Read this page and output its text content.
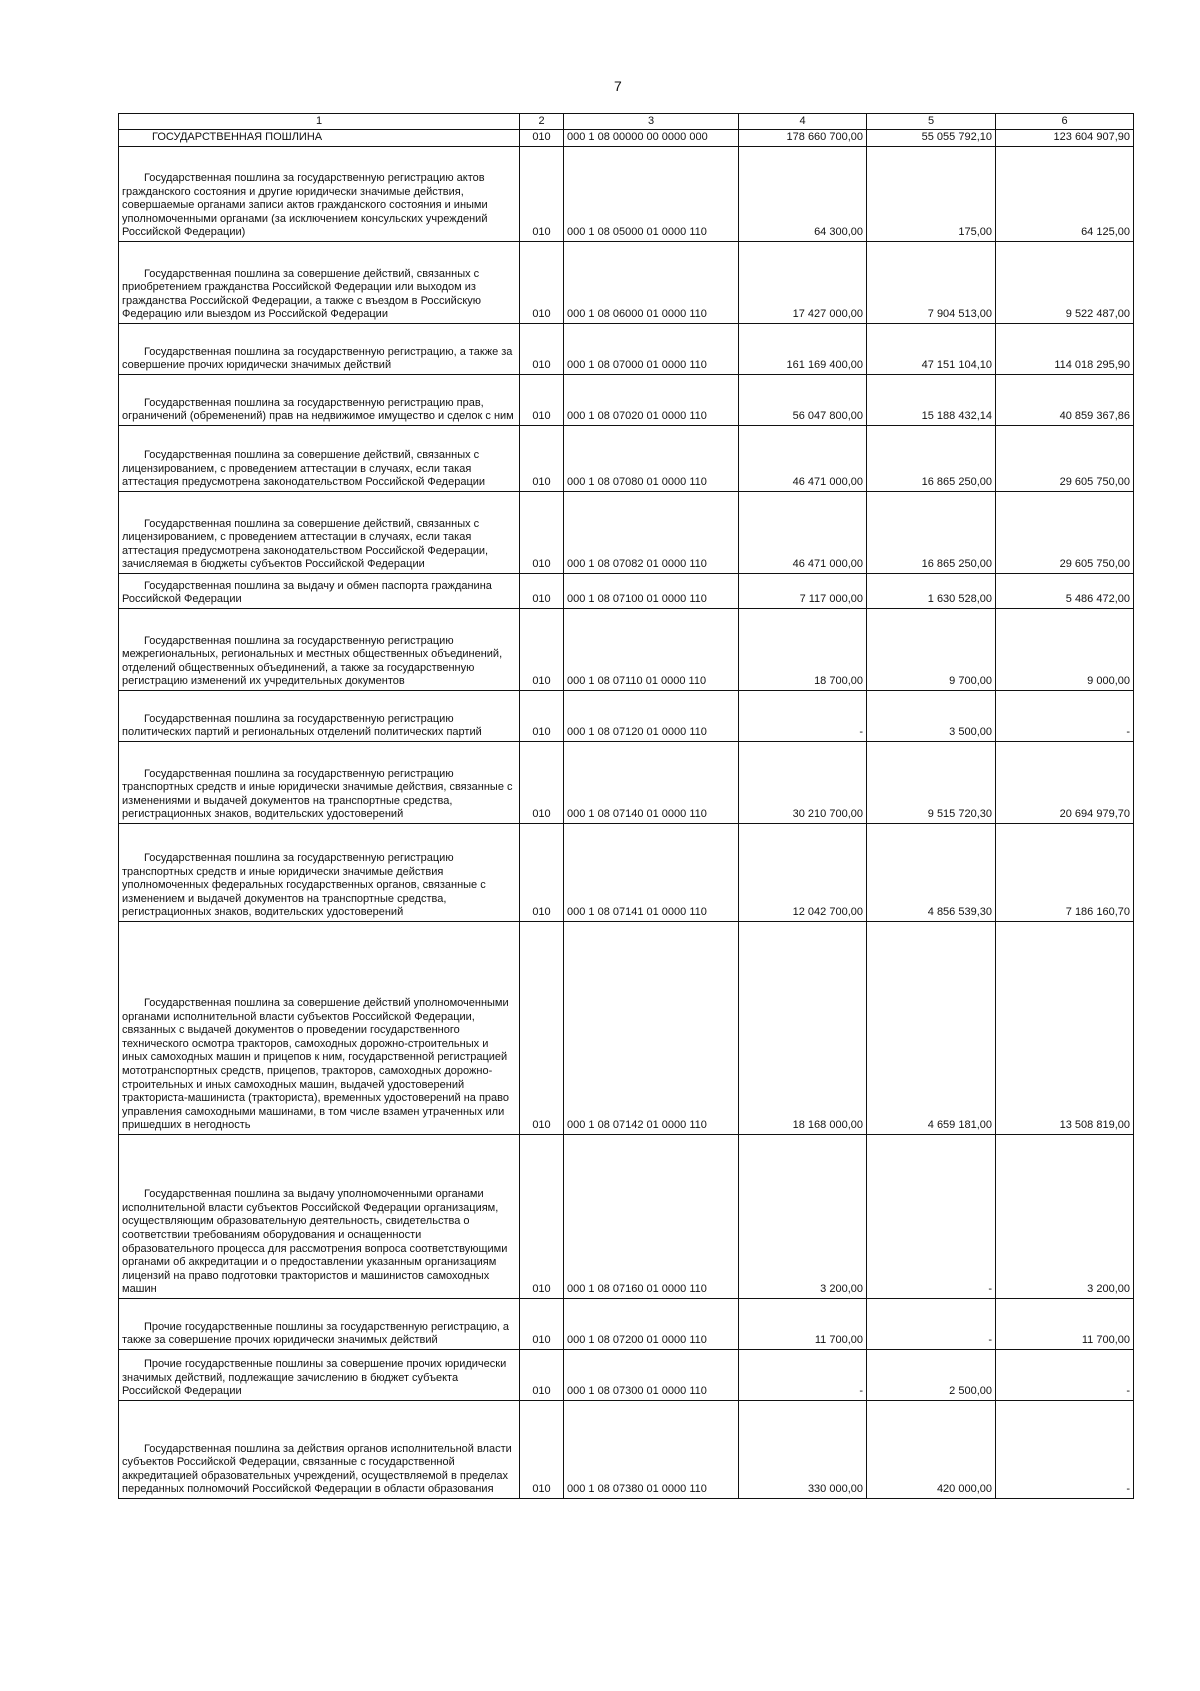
7
1	2	3	4	5	6

ГОСУДАРСТВЕННАЯ ПОШЛИНА	010	000 1 08 00000 00 0000 000	178 660 700,00	55 055 792,10	123 604 907,90

Государственная пошлина за государственную регистрацию актов гражданского состояния и другие юридически значимые действия, совершаемые органами записи актов гражданского состояния и иными уполномоченными органами (за исключением консульских учреждений Российской Федерации)	010	000 1 08 05000 01 0000 110	64 300,00	175,00	64 125,00

Государственная пошлина за совершение действий, связанных с приобретением гражданства Российской Федерации или выходом из гражданства Российской Федерации, а также с въездом в Российскую Федерацию или выездом из Российской Федерации	010	000 1 08 06000 01 0000 110	17 427 000,00	7 904 513,00	9 522 487,00

Государственная пошлина за государственную регистрацию, а также за совершение прочих юридически значимых действий	010	000 1 08 07000 01 0000 110	161 169 400,00	47 151 104,10	114 018 295,90

Государственная пошлина за государственную регистрацию прав, ограничений (обременений) прав на недвижимое имущество и сделок с ним	010	000 1 08 07020 01 0000 110	56 047 800,00	15 188 432,14	40 859 367,86

Государственная пошлина за совершение действий, связанных с лицензированием, с проведением аттестации в случаях, если такая аттестация предусмотрена законодательством Российской Федерации	010	000 1 08 07080 01 0000 110	46 471 000,00	16 865 250,00	29 605 750,00

Государственная пошлина за совершение действий, связанных с лицензированием, с проведением аттестации в случаях, если такая аттестация предусмотрена законодательством Российской Федерации, зачисляемая в бюджеты субъектов Российской Федерации	010	000 1 08 07082 01 0000 110	46 471 000,00	16 865 250,00	29 605 750,00

Государственная пошлина за выдачу и обмен паспорта гражданина Российской Федерации	010	000 1 08 07100 01 0000 110	7 117 000,00	1 630 528,00	5 486 472,00

Государственная пошлина за государственную регистрацию межрегиональных, региональных и местных общественных объединений, отделений общественных объединений, а также за государственную регистрацию изменений их учредительных документов	010	000 1 08 07110 01 0000 110	18 700,00	9 700,00	9 000,00

Государственная пошлина за государственную регистрацию политических партий и региональных отделений политических партий	010	000 1 08 07120 01 0000 110	-	3 500,00	-

Государственная пошлина за государственную регистрацию транспортных средств и иные юридически значимые действия, связанные с изменениями и выдачей документов на транспортные средства, регистрационных знаков, водительских удостоверений	010	000 1 08 07140 01 0000 110	30 210 700,00	9 515 720,30	20 694 979,70

Государственная пошлина за государственную регистрацию транспортных средств и иные юридически значимые действия уполномоченных федеральных государственных органов, связанные с изменением и выдачей документов на транспортные средства, регистрационных знаков, водительских удостоверений	010	000 1 08 07141 01 0000 110	12 042 700,00	4 856 539,30	7 186 160,70

Государственная пошлина за совершение действий уполномоченными органами исполнительной власти субъектов Российской Федерации, связанных с выдачей документов о проведении государственного технического осмотра тракторов, самоходных дорожно-строительных и иных самоходных машин и прицепов к ним, государственной регистрацией мототранспортных средств, прицепов, тракторов, самоходных дорожно-строительных и иных самоходных машин, выдачей удостоверений тракториста-машиниста (тракториста), временных удостоверений на право управления самоходными машинами, в том числе взамен утраченных или пришедших в негодность	010	000 1 08 07142 01 0000 110	18 168 000,00	4 659 181,00	13 508 819,00

Государственная пошлина за выдачу уполномоченными органами исполнительной власти субъектов Российской Федерации организациям, осуществляющим образовательную деятельность, свидетельства о соответствии требованиям оборудования и оснащенности образовательного процесса для рассмотрения вопроса соответствующими органами об аккредитации и о предоставлении указанным организациям лицензий на право подготовки трактористов и машинистов самоходных машин	010	000 1 08 07160 01 0000 110	3 200,00	-	3 200,00

Прочие государственные пошлины за государственную регистрацию, а также за совершение прочих юридически значимых действий	010	000 1 08 07200 01 0000 110	11 700,00	-	11 700,00

Прочие государственные пошлины за совершение прочих юридически значимых действий, подлежащие зачислению в бюджет субъекта Российской Федерации	010	000 1 08 07300 01 0000 110	-	2 500,00	-

Государственная пошлина за действия органов исполнительной власти субъектов Российской Федерации, связанные с государственной аккредитацией образовательных учреждений, осуществляемой в пределах переданных полномочий Российской Федерации в области образования	010	000 1 08 07380 01 0000 110	330 000,00	420 000,00	-
